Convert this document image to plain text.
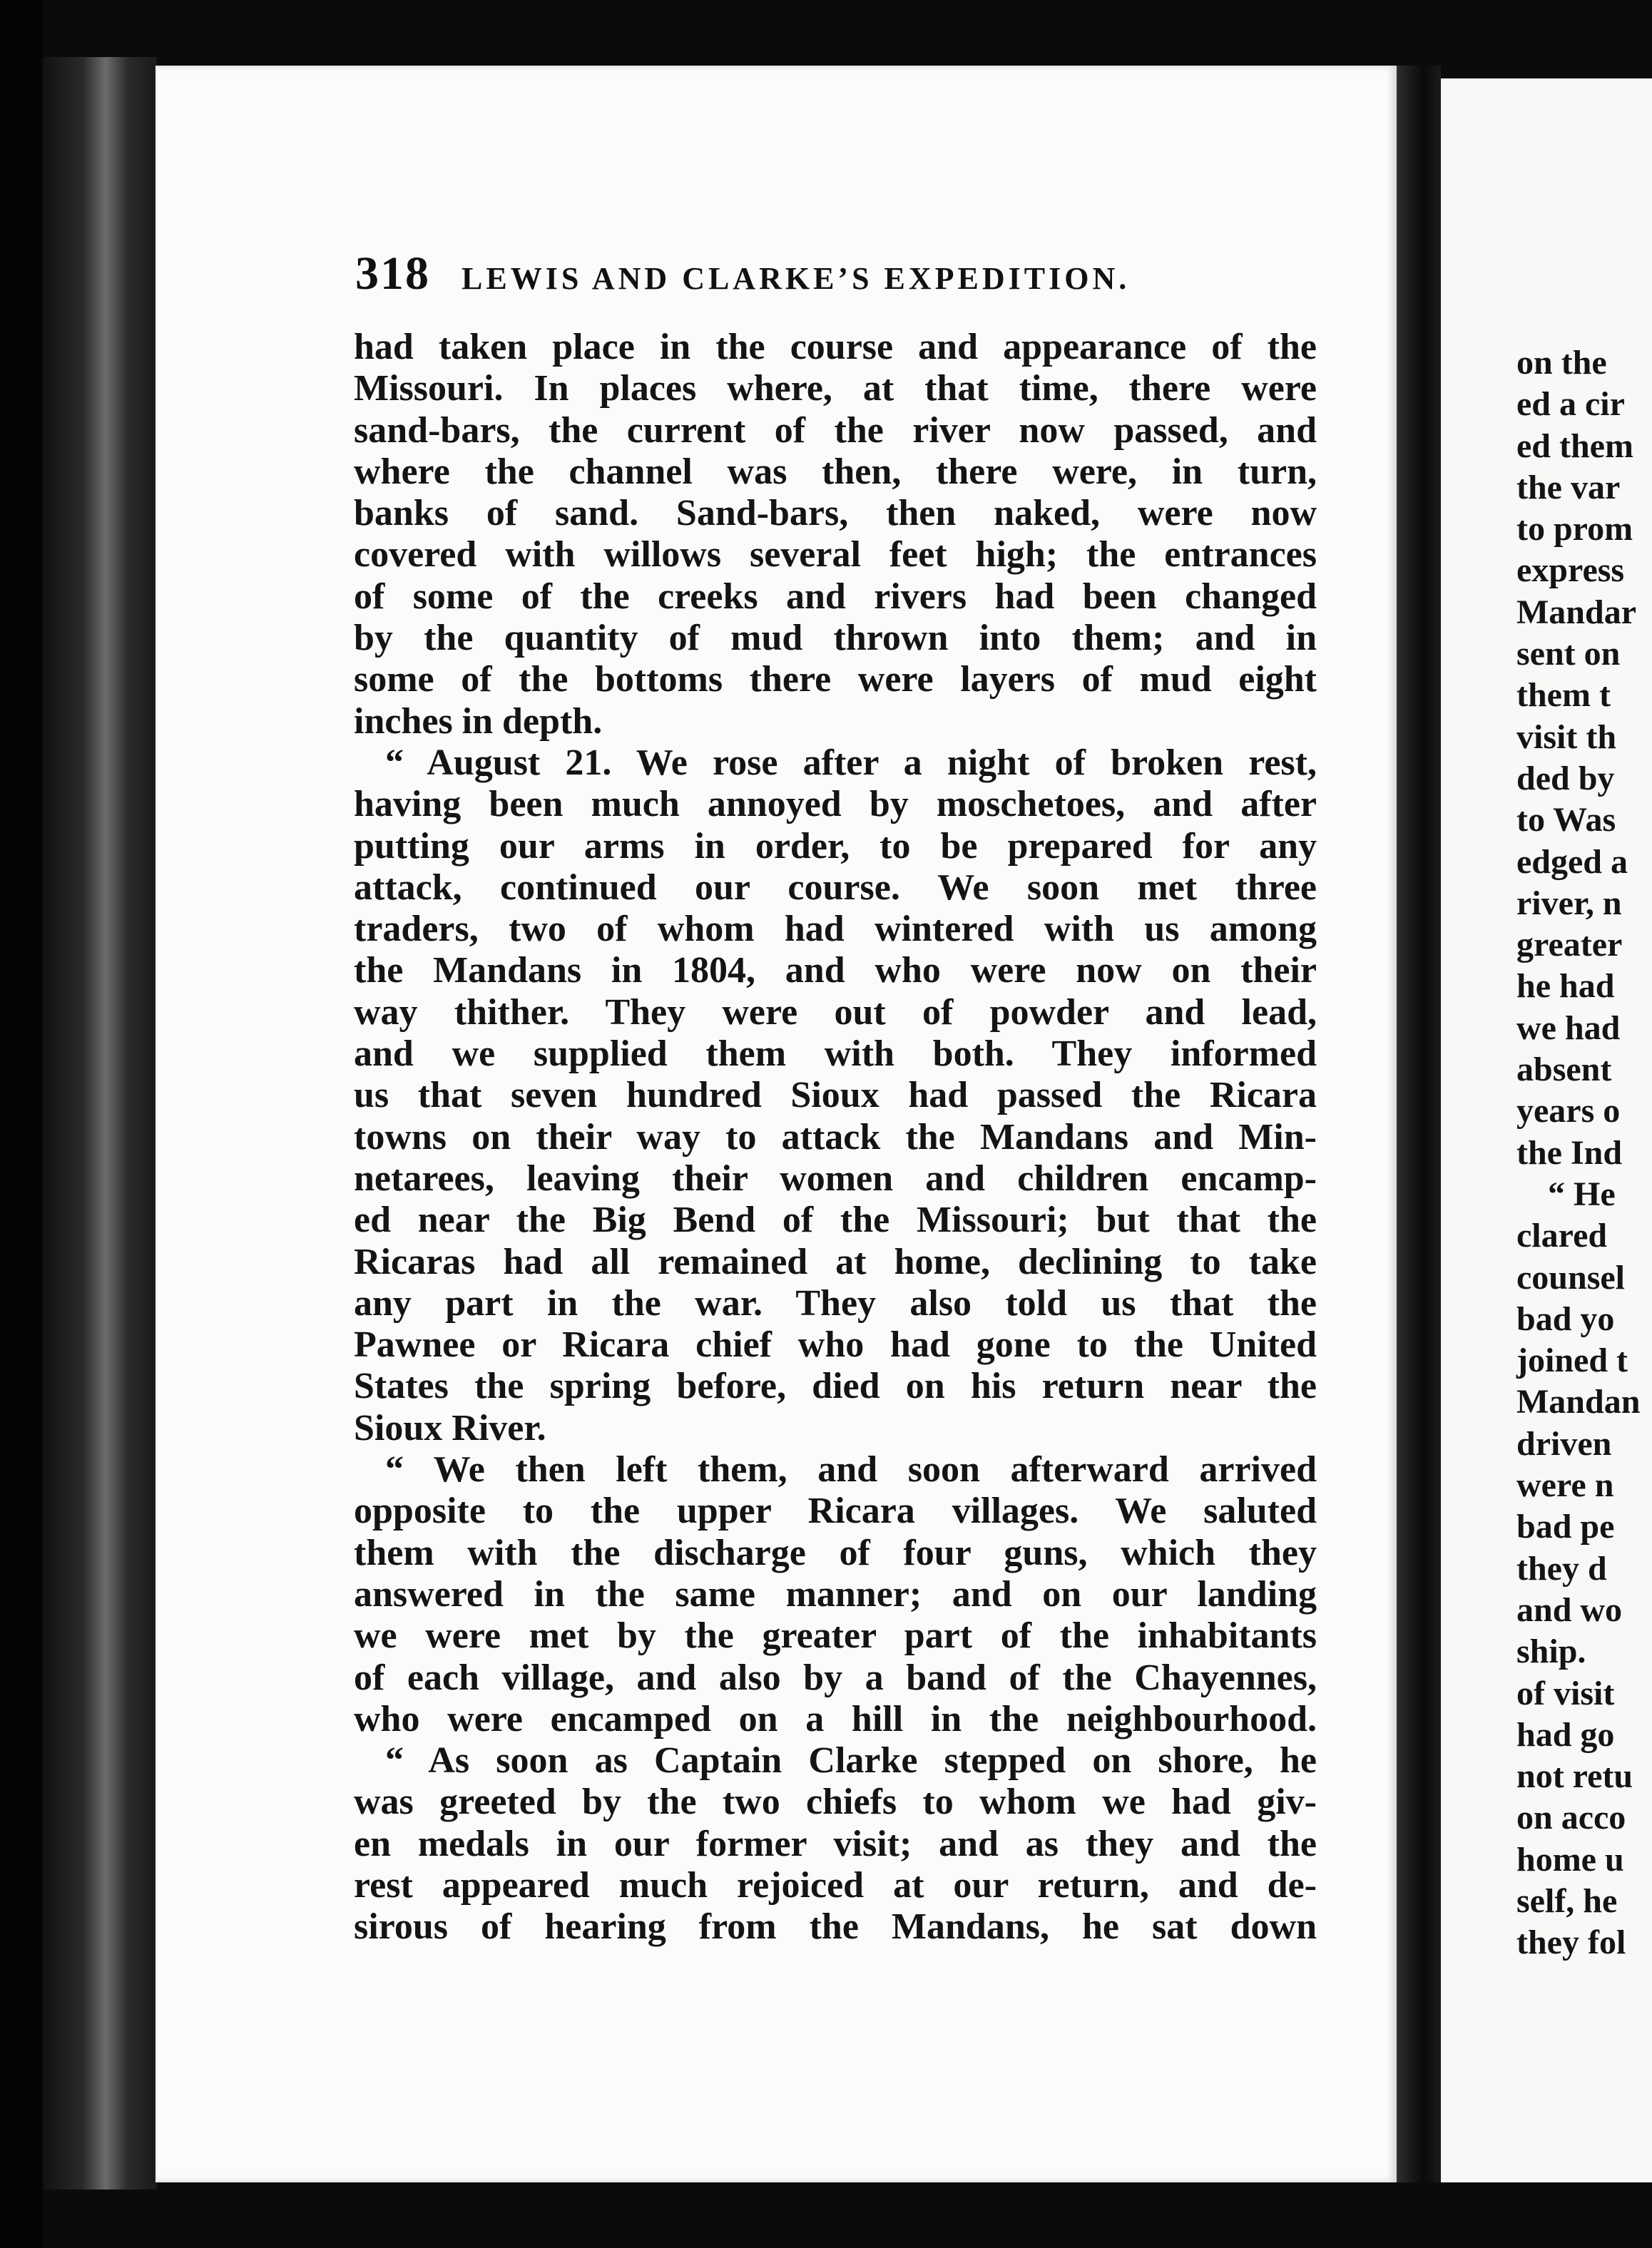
318 LEWIS AND CLARKE’S EXPEDITION.
had taken place in the course and appearance of the
Missouri. In places where, at that time, there were
sand-bars, the current of the river now passed, and
where the channel was then, there were, in turn,
banks of sand. Sand-bars, then naked, were now
covered with willows several feet high; the entrances
of some of the creeks and rivers had been changed
by the quantity of mud thrown into them; and in
some of the bottoms there were layers of mud eight
inches in depth.
“ August 21. We rose after a night of broken rest,
having been much annoyed by moschetoes, and after
putting our arms in order, to be prepared for any
attack, continued our course. We soon met three
traders, two of whom had wintered with us among
the Mandans in 1804, and who were now on their
way thither. They were out of powder and lead,
and we supplied them with both. They informed
us that seven hundred Sioux had passed the Ricara
towns on their way to attack the Mandans and Min-
netarees, leaving their women and children encamp-
ed near the Big Bend of the Missouri; but that the
Ricaras had all remained at home, declining to take
any part in the war. They also told us that the
Pawnee or Ricara chief who had gone to the United
States the spring before, died on his return near the
Sioux River.
“ We then left them, and soon afterward arrived
opposite to the upper Ricara villages. We saluted
them with the discharge of four guns, which they
answered in the same manner; and on our landing
we were met by the greater part of the inhabitants
of each village, and also by a band of the Chayennes,
who were encamped on a hill in the neighbourhood.
“ As soon as Captain Clarke stepped on shore, he
was greeted by the two chiefs to whom we had giv-
en medals in our former visit; and as they and the
rest appeared much rejoiced at our return, and de-
sirous of hearing from the Mandans, he sat down
on the
ed a cir
ed them
the var
to prom
express
Mandar
sent on
them t
visit th
ded by
to Was
edged a
river, n
greater
he had
we had
absent
years o
the Ind
“ He
clared
counsel
bad yo
joined t
Mandan
driven
were n
bad pe
they d
and wo
ship.
of visit
had go
not retu
on acco
home u
self, he
they fol
